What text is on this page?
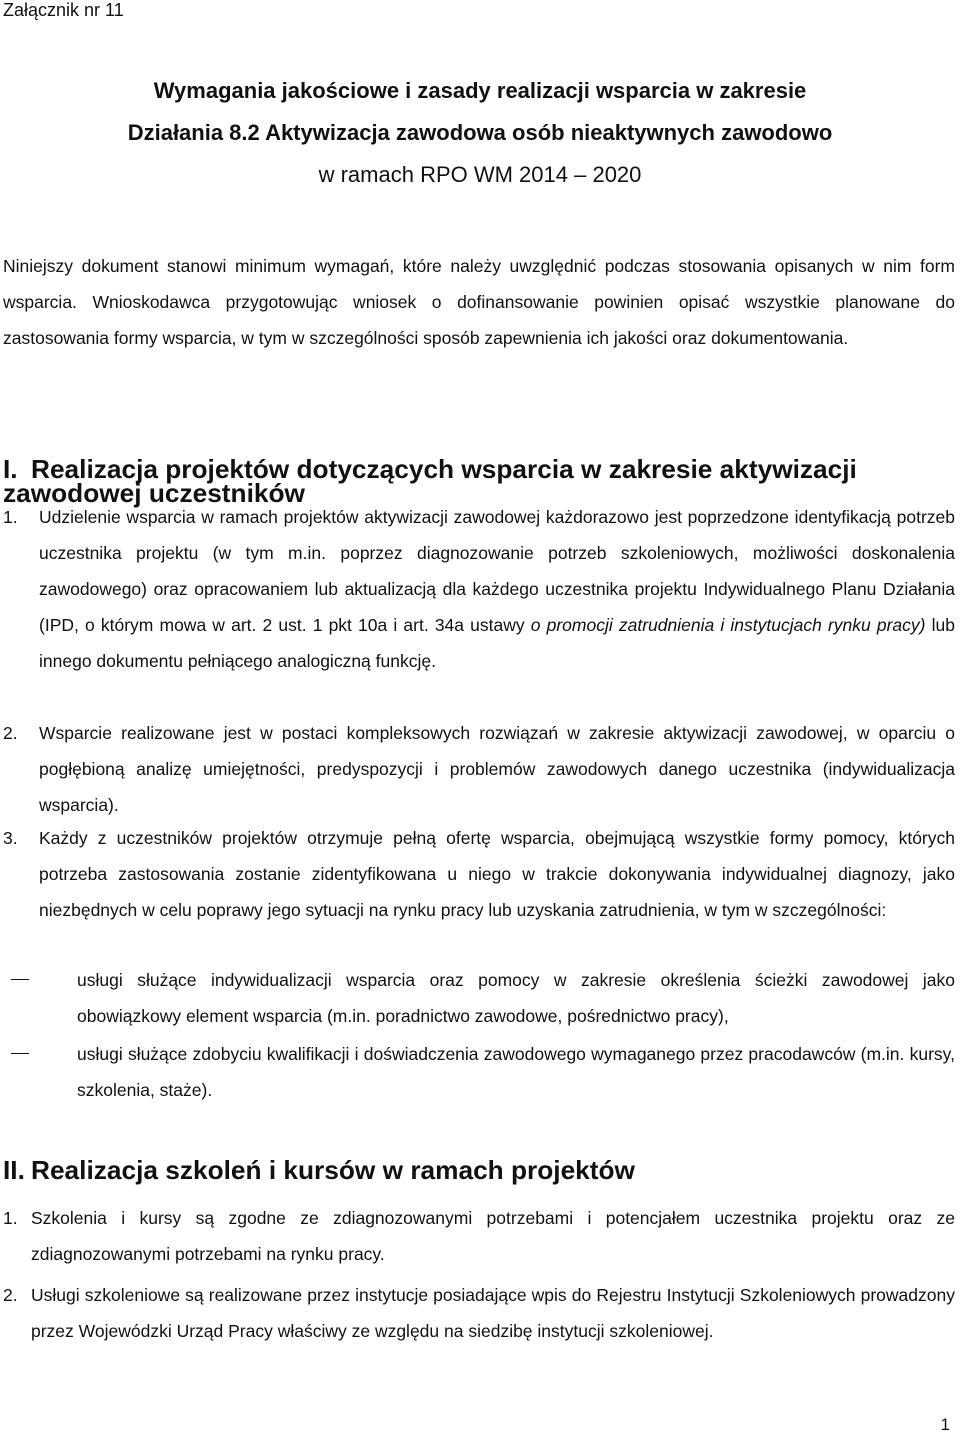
Załącznik nr 11
Wymagania jakościowe i zasady realizacji wsparcia w zakresie
Działania 8.2 Aktywizacja zawodowa osób nieaktywnych zawodowo
w ramach RPO WM 2014 – 2020

Niniejszy dokument stanowi minimum wymagań, które należy uwzględnić podczas stosowania opisanych w nim form wsparcia. Wnioskodawca przygotowując wniosek o dofinansowanie powinien opisać wszystkie planowane do zastosowania formy wsparcia, w tym w szczególności sposób zapewnienia ich jakości oraz dokumentowania.

I. Realizacja projektów dotyczących wsparcia w zakresie aktywizacji zawodowej uczestników

1. Udzielenie wsparcia w ramach projektów aktywizacji zawodowej każdorazowo jest poprzedzone identyfikacją potrzeb uczestnika projektu (w tym m.in. poprzez diagnozowanie potrzeb szkoleniowych, możliwości doskonalenia zawodowego) oraz opracowaniem lub aktualizacją dla każdego uczestnika projektu Indywidualnego Planu Działania (IPD, o którym mowa w art. 2 ust. 1 pkt 10a i art. 34a ustawy o promocji zatrudnienia i instytucjach rynku pracy) lub innego dokumentu pełniącego analogiczną funkcję.

2. Wsparcie realizowane jest w postaci kompleksowych rozwiązań w zakresie aktywizacji zawodowej, w oparciu o pogłębioną analizę umiejętności, predyspozycji i problemów zawodowych danego uczestnika (indywidualizacja wsparcia).

3. Każdy z uczestników projektów otrzymuje pełną ofertę wsparcia, obejmującą wszystkie formy pomocy, których potrzeba zastosowania zostanie zidentyfikowana u niego w trakcie dokonywania indywidualnej diagnozy, jako niezbędnych w celu poprawy jego sytuacji na rynku pracy lub uzyskania zatrudnienia, w tym w szczególności:

usługi służące indywidualizacji wsparcia oraz pomocy w zakresie określenia ścieżki zawodowej jako obowiązkowy element wsparcia (m.in. poradnictwo zawodowe, pośrednictwo pracy),

usługi służące zdobyciu kwalifikacji i doświadczenia zawodowego wymaganego przez pracodawców (m.in. kursy, szkolenia, staże).

II. Realizacja szkoleń i kursów w ramach projektów

1. Szkolenia i kursy są zgodne ze zdiagnozowanymi potrzebami i potencjałem uczestnika projektu oraz ze zdiagnozowanymi potrzebami na rynku pracy.

2. Usługi szkoleniowe są realizowane przez instytucje posiadające wpis do Rejestru Instytucji Szkoleniowych prowadzony przez Wojewódzki Urząd Pracy właściwy ze względu na siedzibę instytucji szkoleniowej.

1
